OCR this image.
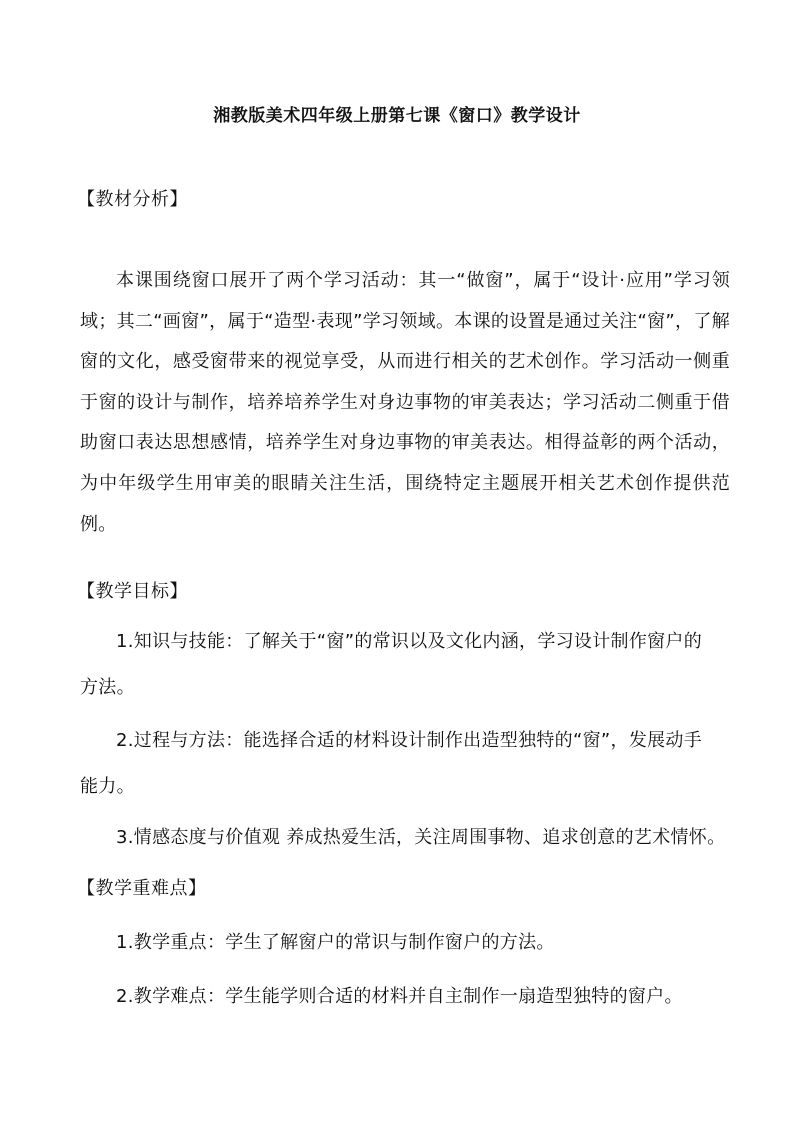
湘教版美术四年级上册第七课《窗口》教学设计
【教材分析】
本课围绕窗口展开了两个学习活动：其一“做窗”，属于“设计·应用”学习领域；其二“画窗”，属于“造型·表现”学习领域。本课的设置是通过关注“窗”，了解窗的文化，感受窗带来的视觉享受，从而进行相关的艺术创作。学习活动一侧重于窗的设计与制作，培养培养学生对身边事物的审美表达；学习活动二侧重于借助窗口表达思想感情，培养学生对身边事物的审美表达。相得益彰的两个活动，为中年级学生用审美的眼睛关注生活，围绕特定主题展开相关艺术创作提供范例。
【教学目标】
1.知识与技能：了解关于“窗”的常识以及文化内涵，学习设计制作窗户的
方法。
2.过程与方法：能选择合适的材料设计制作出造型独特的“窗”，发展动手
能力。
3.情感态度与价值观 养成热爱生活，关注周围事物、追求创意的艺术情怀。
【教学重难点】
1.教学重点：学生了解窗户的常识与制作窗户的方法。
2.教学难点：学生能学则合适的材料并自主制作一扇造型独特的窗户。
